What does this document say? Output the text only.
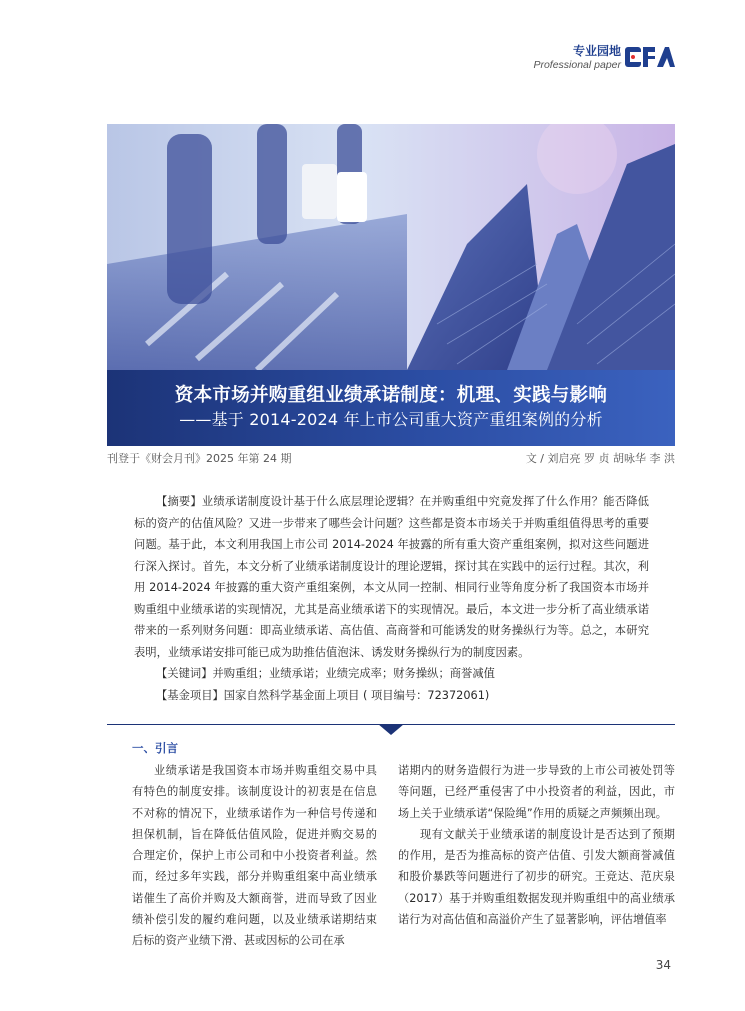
专业园地
Professional paper
资本市场并购重组业绩承诺制度：机理、实践与影响
——基于 2014-2024 年上市公司重大资产重组案例的分析
刊登于《财会月刊》2025 年第 24 期	文 / 刘启亮 罗 贞 胡咏华 李 洪

【摘要】业绩承诺制度设计基于什么底层理论逻辑？在并购重组中究竟发挥了什么作用？能否降低标的资产的估值风险？又进一步带来了哪些会计问题？这些都是资本市场关于并购重组值得思考的重要问题。基于此，本文利用我国上市公司 2014-2024 年披露的所有重大资产重组案例，拟对这些问题进行深入探讨。首先，本文分析了业绩承诺制度设计的理论逻辑，探讨其在实践中的运行过程。其次，利用 2014-2024 年披露的重大资产重组案例，本文从同一控制、相同行业等角度分析了我国资本市场并购重组中业绩承诺的实现情况，尤其是高业绩承诺下的实现情况。最后，本文进一步分析了高业绩承诺带来的一系列财务问题：即高业绩承诺、高估值、高商誉和可能诱发的财务操纵行为等。总之，本研究表明，业绩承诺安排可能已成为助推估值泡沫、诱发财务操纵行为的制度因素。

【关键词】并购重组；业绩承诺；业绩完成率；财务操纵；商誉减值

【基金项目】国家自然科学基金面上项目 ( 项目编号：72372061)

一、引言

业绩承诺是我国资本市场并购重组交易中具有特色的制度安排。该制度设计的初衷是在信息不对称的情况下，业绩承诺作为一种信号传递和担保机制，旨在降低估值风险，促进并购交易的合理定价，保护上市公司和中小投资者利益。然而，经过多年实践，部分并购重组案中高业绩承诺催生了高价并购及大额商誉，进而导致了因业绩补偿引发的履约难问题，以及业绩承诺期结束后标的资产业绩下滑、甚或因标的公司在承

诺期内的财务造假行为进一步导致的上市公司被处罚等等问题，已经严重侵害了中小投资者的利益，因此，市场上关于业绩承诺“保险绳”作用的质疑之声频频出现。

现有文献关于业绩承诺的制度设计是否达到了预期的作用，是否为推高标的资产估值、引发大额商誉减值和股价暴跌等问题进行了初步的研究。王竞达、范庆泉（2017）基于并购重组数据发现并购重组中的高业绩承诺行为对高估值和高溢价产生了显著影响，评估增值率

34
